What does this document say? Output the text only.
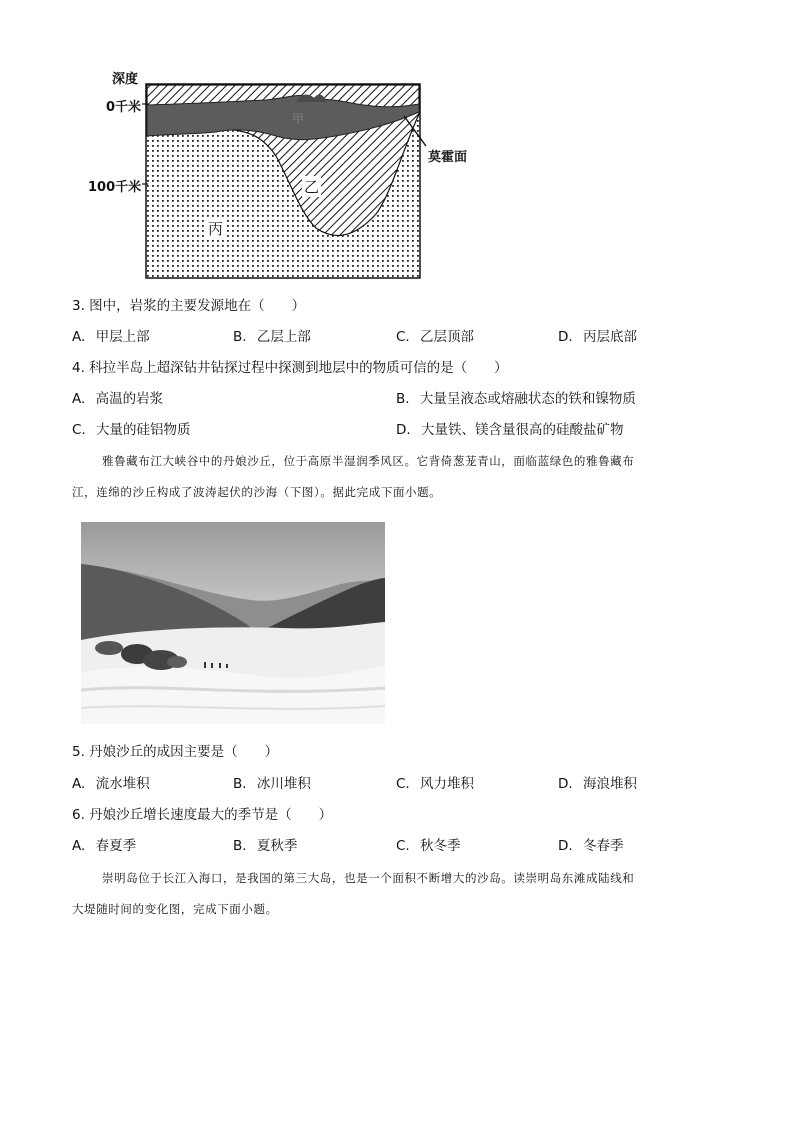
深度
0千米
100千米
莫霍面
甲
乙
丙
3. 图中，岩浆的主要发源地在（　　）
A. 甲层上部	B. 乙层上部	C. 乙层顶部	D. 丙层底部
4. 科拉半岛上超深钻井钻探过程中探测到地层中的物质可信的是（　　）
A. 高温的岩浆	B. 大量呈液态或熔融状态的铁和镍物质
C. 大量的硅铝物质	D. 大量铁、镁含量很高的硅酸盐矿物
雅鲁藏布江大峡谷中的丹娘沙丘，位于高原半湿润季风区。它背倚葱茏青山，面临蓝绿色的雅鲁藏布
江，连绵的沙丘构成了波涛起伏的沙海（下图）。据此完成下面小题。
5. 丹娘沙丘的成因主要是（　　）
A. 流水堆积	B. 冰川堆积	C. 风力堆积	D. 海浪堆积
6. 丹娘沙丘增长速度最大的季节是（　　）
A. 春夏季	B. 夏秋季	C. 秋冬季	D. 冬春季
崇明岛位于长江入海口，是我国的第三大岛，也是一个面积不断增大的沙岛。读崇明岛东滩成陆线和
大堤随时间的变化图，完成下面小题。
